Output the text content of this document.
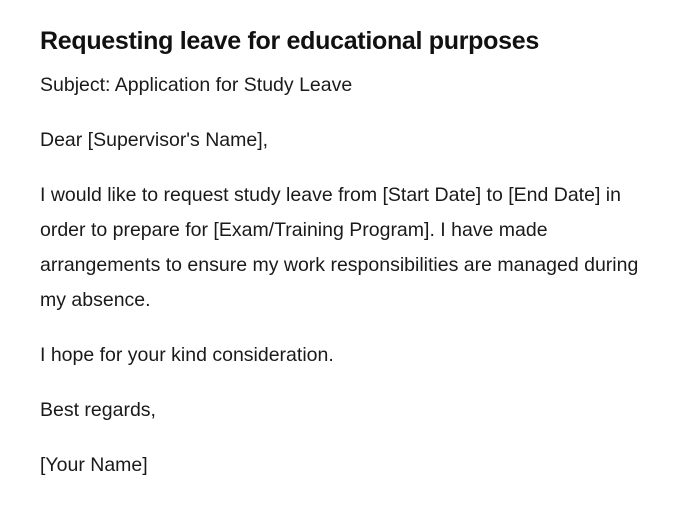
Requesting leave for educational purposes

Subject: Application for Study Leave

Dear [Supervisor's Name],

I would like to request study leave from [Start Date] to [End Date] in order to prepare for [Exam/Training Program]. I have made arrangements to ensure my work responsibilities are managed during my absence.

I hope for your kind consideration.

Best regards,

[Your Name]
